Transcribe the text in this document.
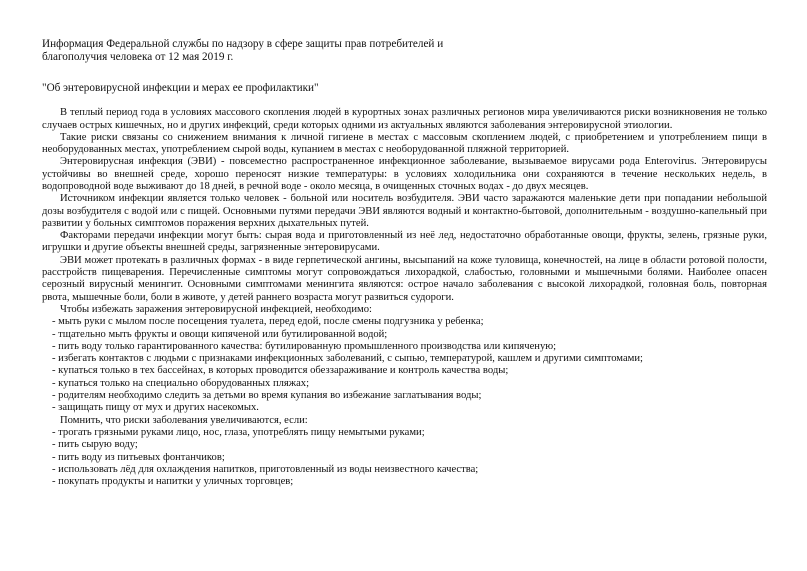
Информация Федеральной службы по надзору в сфере защиты прав потребителей и благополучия человека от 12 мая 2019 г.

"Об энтеровирусной инфекции и мерах ее профилактики"

В теплый период года в условиях массового скопления людей в курортных зонах различных регионов мира увеличиваются риски возникновения не только случаев острых кишечных, но и других инфекций, среди которых одними из актуальных являются заболевания энтеровирусной этиологии.

Такие риски связаны со снижением внимания к личной гигиене в местах с массовым скоплением людей, с приобретением и употреблением пищи в необорудованных местах, употреблением сырой воды, купанием в местах с необорудованной пляжной территорией.

Энтеровирусная инфекция (ЭВИ) - повсеместно распространенное инфекционное заболевание, вызываемое вирусами рода Enterovirus. Энтеровирусы устойчивы во внешней среде, хорошо переносят низкие температуры: в условиях холодильника они сохраняются в течение нескольких недель, в водопроводной воде выживают до 18 дней, в речной воде - около месяца, в очищенных сточных водах - до двух месяцев.

Источником инфекции является только человек - больной или носитель возбудителя. ЭВИ часто заражаются маленькие дети при попадании небольшой дозы возбудителя с водой или с пищей. Основными путями передачи ЭВИ являются водный и контактно-бытовой, дополнительным - воздушно-капельный при развитии у больных симптомов поражения верхних дыхательных путей.

Факторами передачи инфекции могут быть: сырая вода и приготовленный из неё лед, недостаточно обработанные овощи, фрукты, зелень, грязные руки, игрушки и другие объекты внешней среды, загрязненные энтеровирусами.

ЭВИ может протекать в различных формах - в виде герпетической ангины, высыпаний на коже туловища, конечностей, на лице в области ротовой полости, расстройств пищеварения. Перечисленные симптомы могут сопровождаться лихорадкой, слабостью, головными и мышечными болями. Наиболее опасен серозный вирусный менингит. Основными симптомами менингита являются: острое начало заболевания с высокой лихорадкой, головная боль, повторная рвота, мышечные боли, боли в животе, у детей раннего возраста могут развиться судороги.

Чтобы избежать заражения энтеровирусной инфекцией, необходимо:

- мыть руки с мылом после посещения туалета, перед едой, после смены подгузника у ребенка;
- тщательно мыть фрукты и овощи кипяченой или бутилированной водой;
- пить воду только гарантированного качества: бутилированную промышленного производства или кипяченую;
- избегать контактов с людьми с признаками инфекционных заболеваний, с сыпью, температурой, кашлем и другими симптомами;
- купаться только в тех бассейнах, в которых проводится обеззараживание и контроль качества воды;
- купаться только на специально оборудованных пляжах;
- родителям необходимо следить за детьми во время купания во избежание заглатывания воды;
- защищать пищу от мух и других насекомых.

Помнить, что риски заболевания увеличиваются, если:

- трогать грязными руками лицо, нос, глаза, употреблять пищу немытыми руками;
- пить сырую воду;
- пить воду из питьевых фонтанчиков;
- использовать лёд для охлаждения напитков, приготовленный из воды неизвестного качества;
- покупать продукты и напитки у уличных торговцев;
